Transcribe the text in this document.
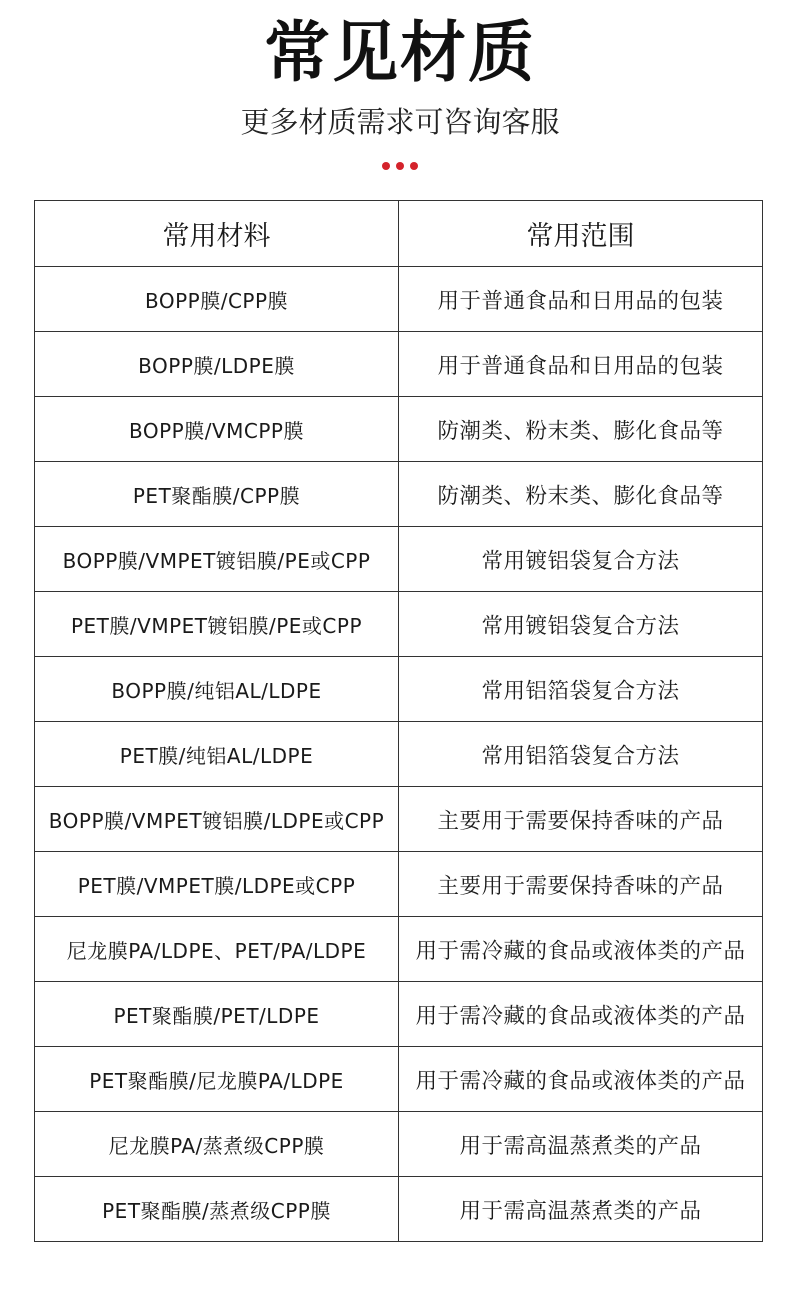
常见材质
更多材质需求可咨询客服
常用材料	常用范围
BOPP膜/CPP膜	用于普通食品和日用品的包装
BOPP膜/LDPE膜	用于普通食品和日用品的包装
BOPP膜/VMCPP膜	防潮类、粉末类、膨化食品等
PET聚酯膜/CPP膜	防潮类、粉末类、膨化食品等
BOPP膜/VMPET镀铝膜/PE或CPP	常用镀铝袋复合方法
PET膜/VMPET镀铝膜/PE或CPP	常用镀铝袋复合方法
BOPP膜/纯铝AL/LDPE	常用铝箔袋复合方法
PET膜/纯铝AL/LDPE	常用铝箔袋复合方法
BOPP膜/VMPET镀铝膜/LDPE或CPP	主要用于需要保持香味的产品
PET膜/VMPET膜/LDPE或CPP	主要用于需要保持香味的产品
尼龙膜PA/LDPE、PET/PA/LDPE	用于需冷藏的食品或液体类的产品
PET聚酯膜/PET/LDPE	用于需冷藏的食品或液体类的产品
PET聚酯膜/尼龙膜PA/LDPE	用于需冷藏的食品或液体类的产品
尼龙膜PA/蒸煮级CPP膜	用于需高温蒸煮类的产品
PET聚酯膜/蒸煮级CPP膜	用于需高温蒸煮类的产品
